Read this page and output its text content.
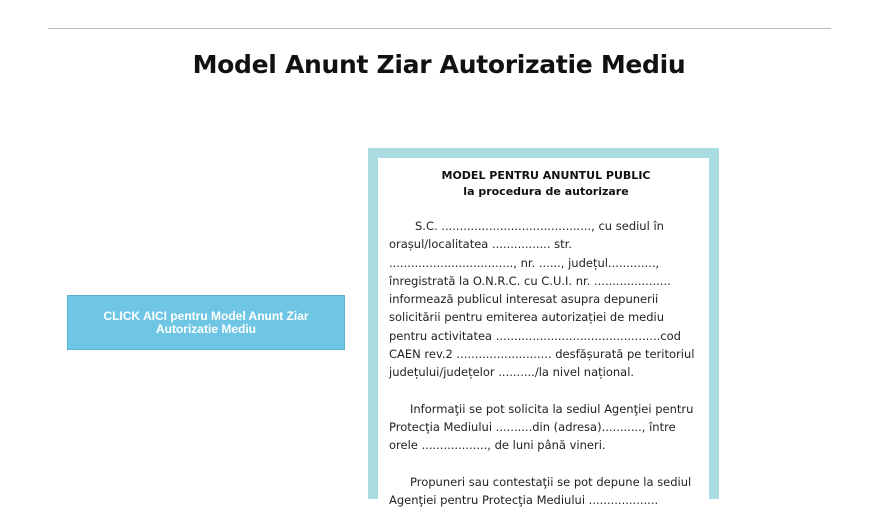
Model Anunt Ziar Autorizatie Mediu
CLICK AICI pentru Model Anunt Ziar Autorizatie Mediu
MODEL PENTRU ANUNTUL PUBLIC
la procedura de autorizare

S.C. ........................................., cu sediul în orașul/localitatea ................ str. .................................., nr. ......, județul............., înregistrată la O.N.R.C. cu C.U.I. nr. ..................... informează publicul interesat asupra depunerii solicitării pentru emiterea autorizației de mediu pentru activitatea .............................................cod CAEN rev.2 .......................... desfășurată pe teritoriul județului/județelor ........../la nivel național.

Informaţii se pot solicita la sediul Agenţiei pentru Protecţia Mediului ..........din (adresa)..........., între orele .................., de luni până vineri.

Propuneri sau contestaţii se pot depune la sediul Agenţiei pentru Protecţia Mediului ...................
